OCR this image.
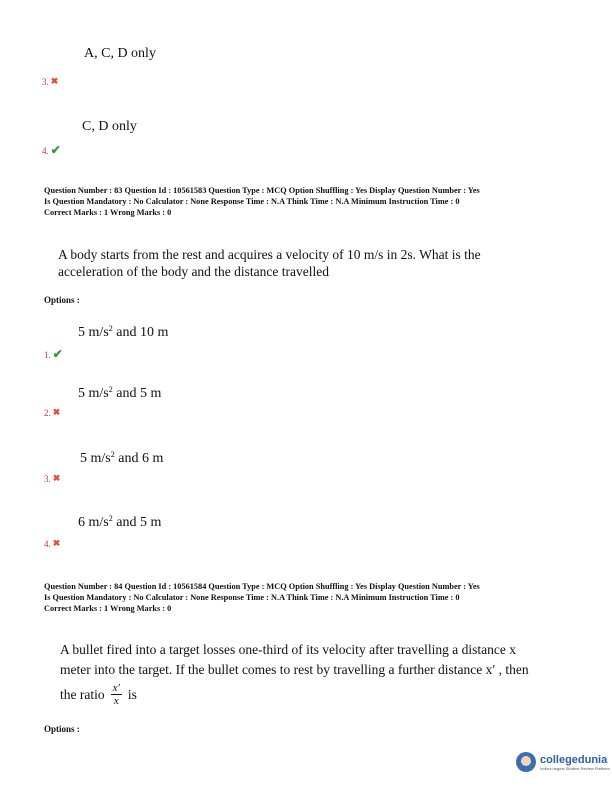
A, C, D only
3. ✖
C, D only
4. ✔
Question Number : 83 Question Id : 10561583 Question Type : MCQ Option Shuffling : Yes Display Question Number : Yes
Is Question Mandatory : No Calculator : None Response Time : N.A Think Time : N.A Minimum Instruction Time : 0
Correct Marks : 1 Wrong Marks : 0
A body starts from the rest and acquires a velocity of 10 m/s in 2s. What is the
acceleration of the body and the distance travelled
Options :
5 $m/s^2$ and 10 m
1. ✔
5 $m/s^2$ and 5 m
2. ✖
5 $m/s^2$ and 6 m
3. ✖
6 $m/s^2$ and 5 m
4. ✖
Question Number : 84 Question Id : 10561584 Question Type : MCQ Option Shuffling : Yes Display Question Number : Yes
Is Question Mandatory : No Calculator : None Response Time : N.A Think Time : N.A Minimum Instruction Time : 0
Correct Marks : 1 Wrong Marks : 0
A bullet fired into a target losses one-third of its velocity after travelling a distance x
meter into the target. If the bullet comes to rest by travelling a further distance x′ , then
the ratio $\frac{x'}{x}$ is
Options :
collegedunia
India's largest Student Review Platform
